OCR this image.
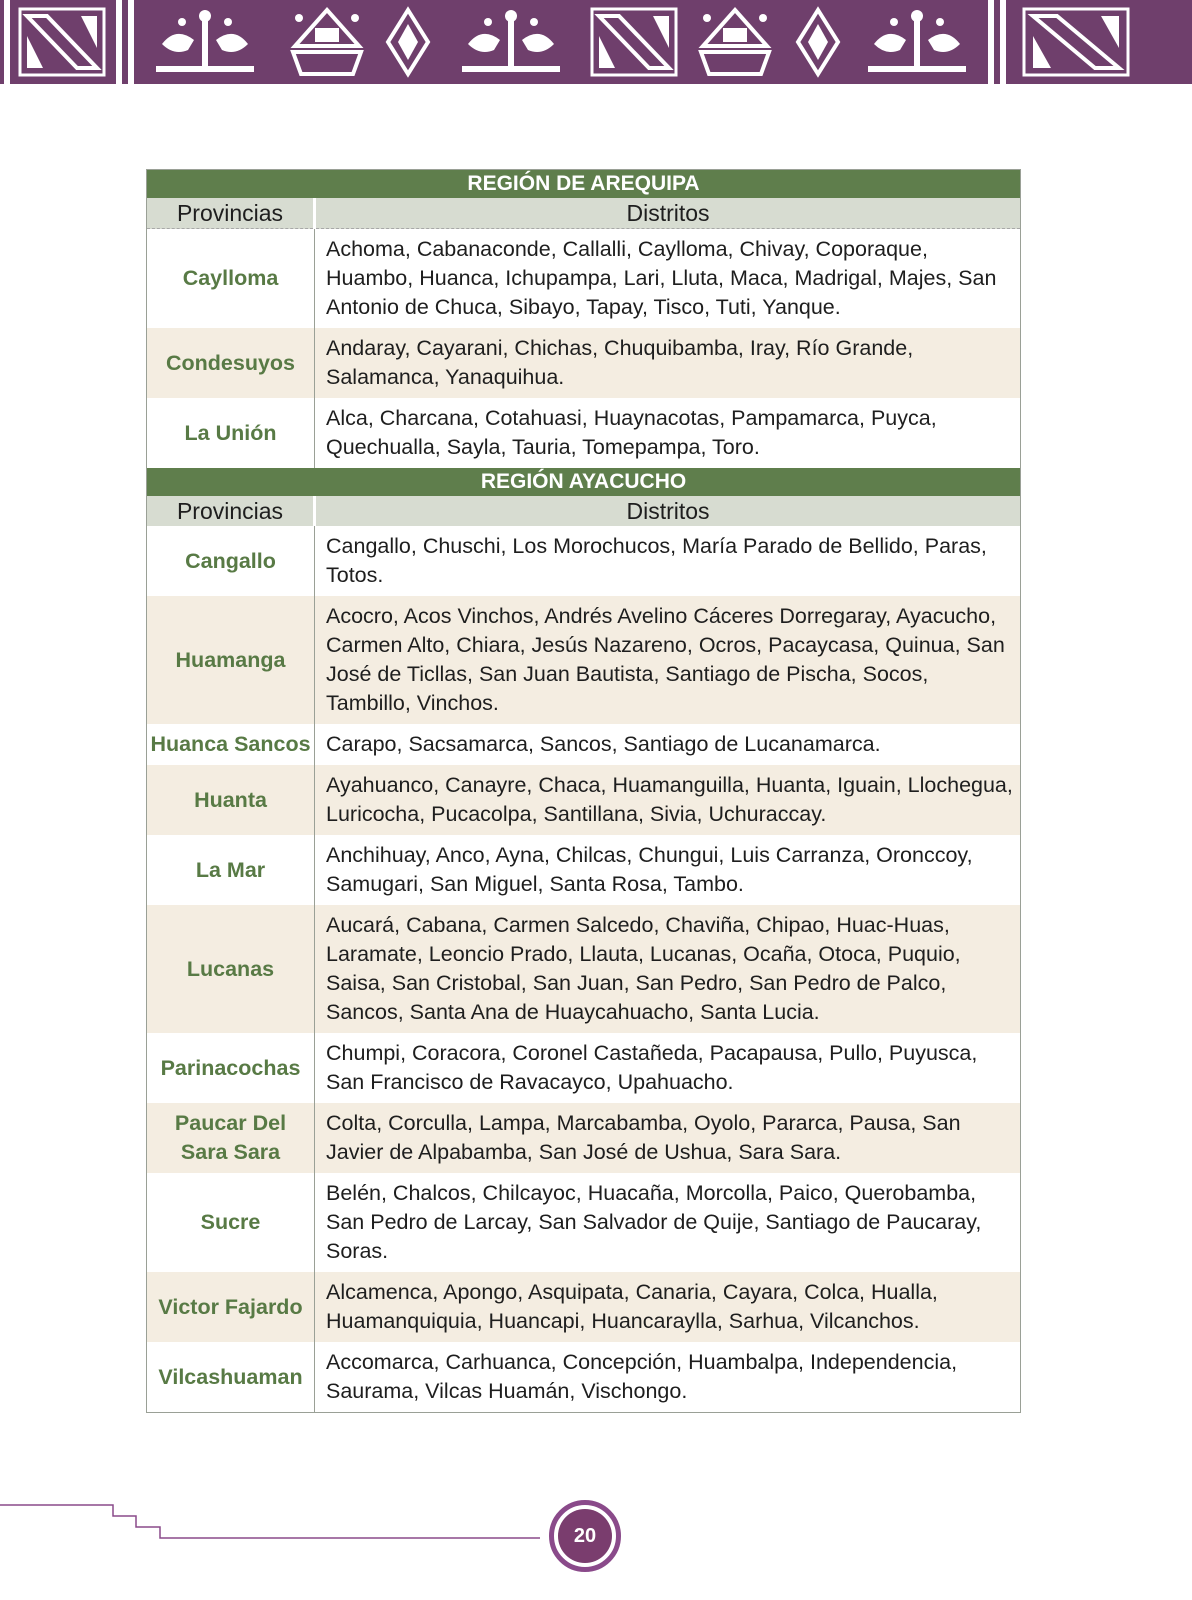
REGIÓN DE AREQUIPA	
Provincias	Distritos
Caylloma	Achoma, Cabanaconde, Callalli, Caylloma, Chivay, Coporaque, Huambo, Huanca, Ichupampa, Lari, Lluta, Maca, Madrigal, Majes, San Antonio de Chuca, Sibayo, Tapay, Tisco, Tuti, Yanque.
Condesuyos	Andaray, Cayarani, Chichas, Chuquibamba, Iray, Río Grande, Salamanca, Yanaquihua.
La Unión	Alca, Charcana, Cotahuasi, Huaynacotas, Pampamarca, Puyca, Quechualla, Sayla, Tauria, Tomepampa, Toro.
REGIÓN AYACUCHO	
Provincias	Distritos
Cangallo	Cangallo, Chuschi, Los Morochucos, María Parado de Bellido, Paras, Totos.
Huamanga	Acocro, Acos Vinchos, Andrés Avelino Cáceres Dorregaray, Ayacucho, Carmen Alto, Chiara, Jesús Nazareno, Ocros, Pacaycasa, Quinua, San José de Ticllas, San Juan Bautista, Santiago de Pischa, Socos, Tambillo, Vinchos.
Huanca Sancos	Carapo, Sacsamarca, Sancos, Santiago de Lucanamarca.
Huanta	Ayahuanco, Canayre, Chaca, Huamanguilla, Huanta, Iguain, Llochegua, Luricocha, Pucacolpa, Santillana, Sivia, Uchuraccay.
La Mar	Anchihuay, Anco, Ayna, Chilcas, Chungui, Luis Carranza, Oronccoy, Samugari, San Miguel, Santa Rosa, Tambo.
Lucanas	Aucará, Cabana, Carmen Salcedo, Chaviña, Chipao, Huac-Huas, Laramate, Leoncio Prado, Llauta, Lucanas, Ocaña, Otoca, Puquio, Saisa, San Cristobal, San Juan, San Pedro, San Pedro de Palco, Sancos, Santa Ana de Huaycahuacho, Santa Lucia.
Parinacochas	Chumpi, Coracora, Coronel Castañeda, Pacapausa, Pullo, Puyusca, San Francisco de Ravacayco, Upahuacho.
Paucar Del Sara Sara	Colta, Corculla, Lampa, Marcabamba, Oyolo, Pararca, Pausa, San Javier de Alpabamba, San José de Ushua, Sara Sara.
Sucre	Belén, Chalcos, Chilcayoc, Huacaña, Morcolla, Paico, Querobamba, San Pedro de Larcay, San Salvador de Quije, Santiago de Paucaray, Soras.
Victor Fajardo	Alcamenca, Apongo, Asquipata, Canaria, Cayara, Colca, Hualla, Huamanquiquia, Huancapi, Huancaraylla, Sarhua, Vilcanchos.
Vilcashuaman	Accomarca, Carhuanca, Concepción, Huambalpa, Independencia, Saurama, Vilcas Huamán, Vischongo.
20
